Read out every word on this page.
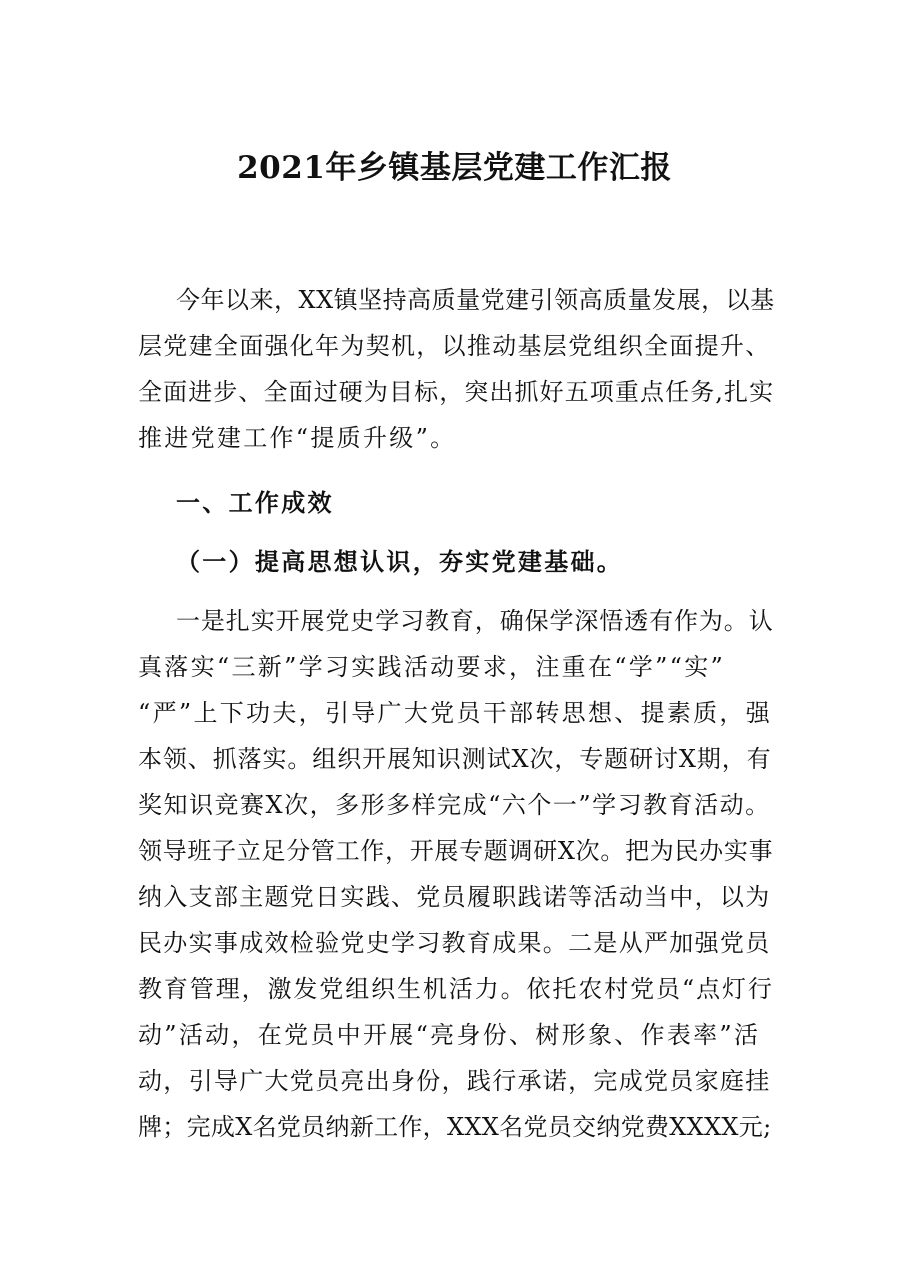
2021年乡镇基层党建工作汇报
今年以来，XX镇坚持高质量党建引领高质量发展，以基
层党建全面强化年为契机，以推动基层党组织全面提升、
全面进步、全面过硬为目标，突出抓好五项重点任务,扎实
推进党建工作“提质升级”。
一、工作成效
（一）提高思想认识，夯实党建基础。
一是扎实开展党史学习教育，确保学深悟透有作为。认
真落实“三新”学习实践活动要求，注重在“学”“实”
“严”上下功夫，引导广大党员干部转思想、提素质，强
本领、抓落实。组织开展知识测试X次，专题研讨X期，有
奖知识竞赛X次，多形多样完成“六个一”学习教育活动。
领导班子立足分管工作，开展专题调研X次。把为民办实事
纳入支部主题党日实践、党员履职践诺等活动当中，以为
民办实事成效检验党史学习教育成果。二是从严加强党员
教育管理，激发党组织生机活力。依托农村党员“点灯行
动”活动，在党员中开展“亮身份、树形象、作表率”活
动，引导广大党员亮出身份，践行承诺，完成党员家庭挂
牌；完成X名党员纳新工作，XXX名党员交纳党费XXXX元;
